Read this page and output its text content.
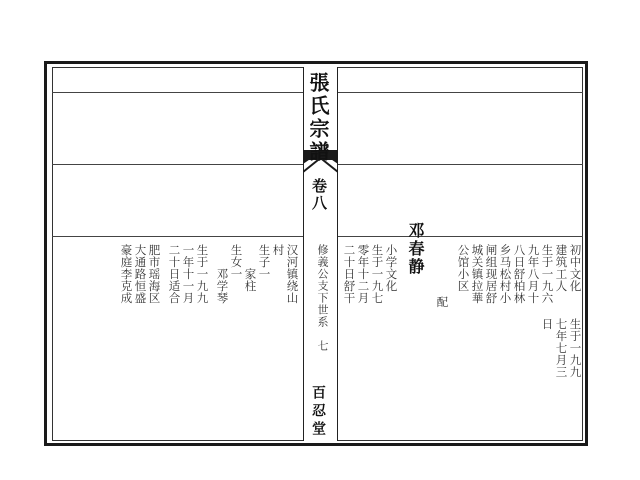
張氏宗譜
卷八
修義公支下世系　七
百忍堂
初中文化
建筑工人
生于一九六
九年八月十
八日舒柏林
乡马松村小
闸组现居舒
城关镇拉華
公馆小区
配
邓春静
小学文化
生于一九七
零年十二月
二十日舒干
生于一九九
七年七月三
日
汉河镇绕山
村
生子一
家柱
生女一
邓学琴
生于一九九
一年十一月
二十日适合
肥市瑶海区
大通路恒盛
豪庭李克成
